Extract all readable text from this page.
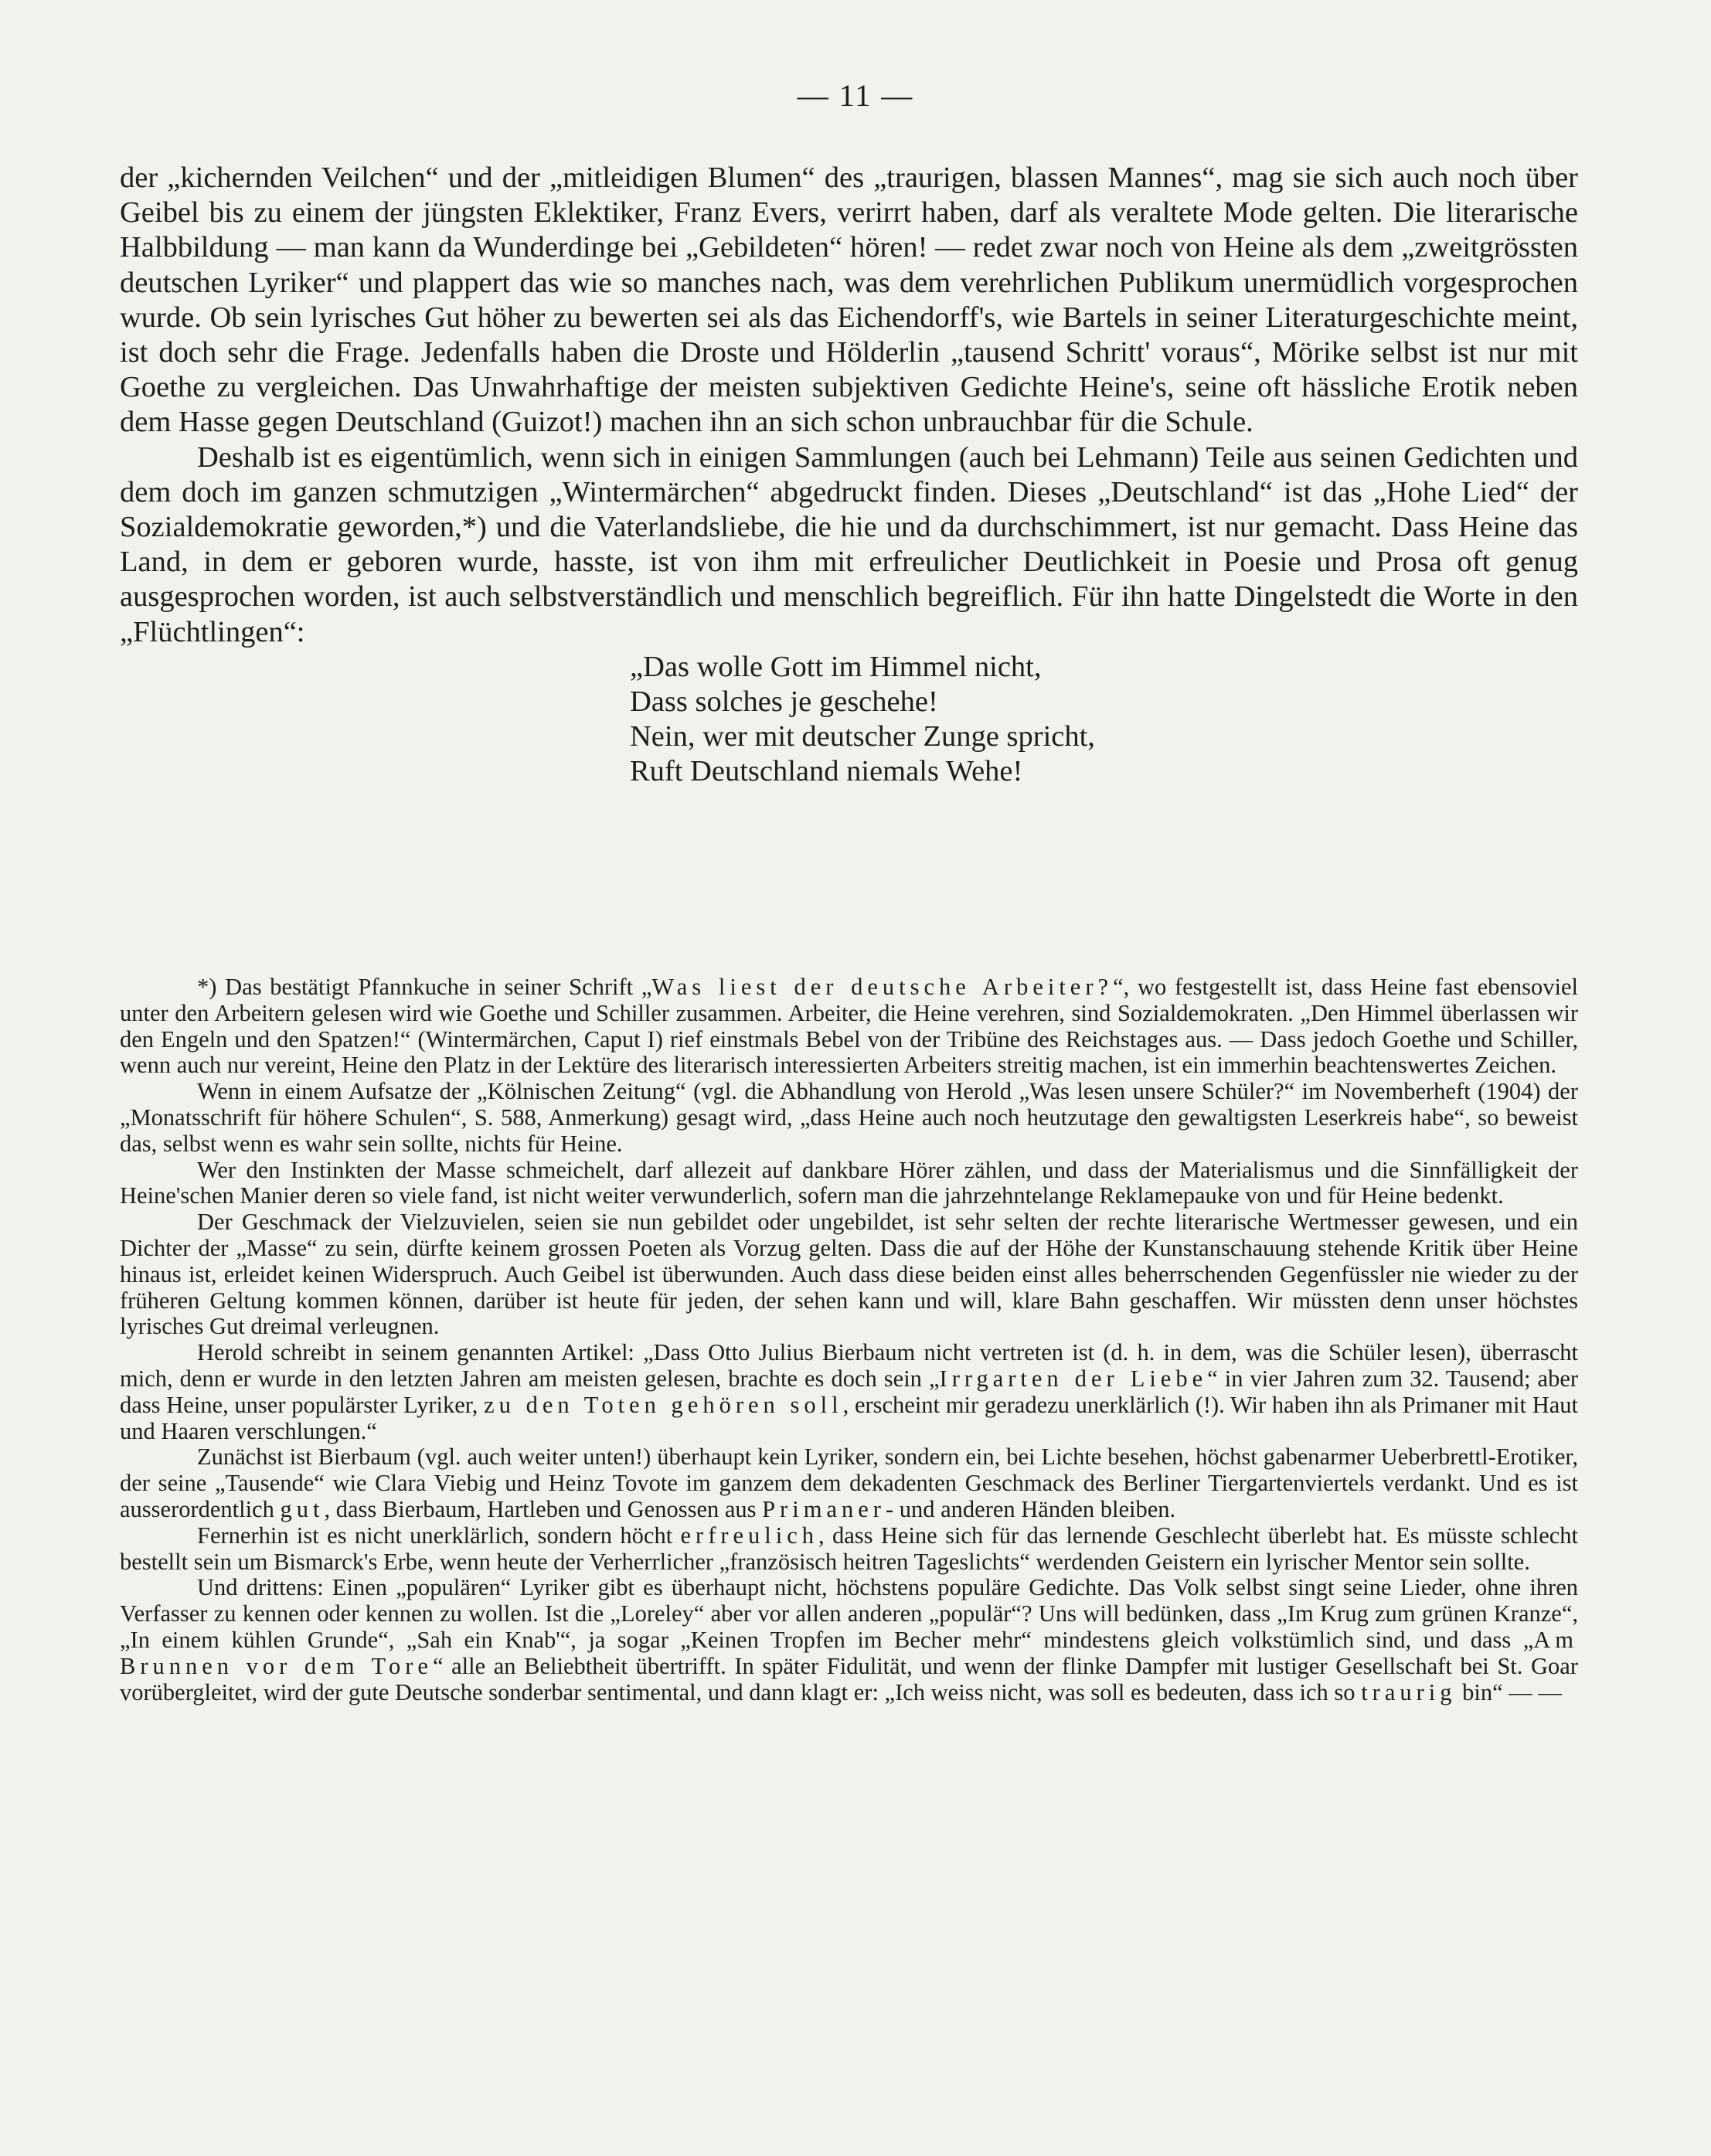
— 11 —

der „kichernden Veilchen“ und der „mitleidigen Blumen“ des „traurigen, blassen Mannes“, mag sie sich auch noch über Geibel bis zu einem der jüngsten Eklektiker, Franz Evers, verirrt haben, darf als veraltete Mode gelten. Die literarische Halbbildung — man kann da Wunderdinge bei „Gebildeten“ hören! — redet zwar noch von Heine als dem „zweitgrössten deutschen Lyriker“ und plappert das wie so manches nach, was dem verehrlichen Publikum unermüdlich vorgesprochen wurde. Ob sein lyrisches Gut höher zu bewerten sei als das Eichendorff's, wie Bartels in seiner Literaturgeschichte meint, ist doch sehr die Frage. Jedenfalls haben die Droste und Hölderlin „tausend Schritt' voraus“, Mörike selbst ist nur mit Goethe zu vergleichen. Das Unwahrhaftige der meisten subjektiven Gedichte Heine's, seine oft hässliche Erotik neben dem Hasse gegen Deutschland (Guizot!) machen ihn an sich schon unbrauchbar für die Schule.

Deshalb ist es eigentümlich, wenn sich in einigen Sammlungen (auch bei Lehmann) Teile aus seinen Gedichten und dem doch im ganzen schmutzigen „Wintermärchen“ abgedruckt finden. Dieses „Deutschland“ ist das „Hohe Lied“ der Sozialdemokratie geworden,*) und die Vaterlandsliebe, die hie und da durchschimmert, ist nur gemacht. Dass Heine das Land, in dem er geboren wurde, hasste, ist von ihm mit erfreulicher Deutlichkeit in Poesie und Prosa oft genug ausgesprochen worden, ist auch selbstverständlich und menschlich begreiflich. Für ihn hatte Dingelstedt die Worte in den „Flüchtlingen“:

„Das wolle Gott im Himmel nicht,
Dass solches je geschehe!
Nein, wer mit deutscher Zunge spricht,
Ruft Deutschland niemals Wehe!

*) Das bestätigt Pfannkuche in seiner Schrift „Was liest der deutsche Arbeiter?“, wo festgestellt ist, dass Heine fast ebensoviel unter den Arbeitern gelesen wird wie Goethe und Schiller zusammen. Arbeiter, die Heine verehren, sind Sozialdemokraten. „Den Himmel überlassen wir den Engeln und den Spatzen!“ (Wintermärchen, Caput I) rief einstmals Bebel von der Tribüne des Reichstages aus. — Dass jedoch Goethe und Schiller, wenn auch nur vereint, Heine den Platz in der Lektüre des literarisch interessierten Arbeiters streitig machen, ist ein immerhin beachtenswertes Zeichen.

Wenn in einem Aufsatze der „Kölnischen Zeitung“ (vgl. die Abhandlung von Herold „Was lesen unsere Schüler?“ im Novemberheft (1904) der „Monatsschrift für höhere Schulen“, S. 588, Anmerkung) gesagt wird, „dass Heine auch noch heutzutage den gewaltigsten Leserkreis habe“, so beweist das, selbst wenn es wahr sein sollte, nichts für Heine.

Wer den Instinkten der Masse schmeichelt, darf allezeit auf dankbare Hörer zählen, und dass der Materialismus und die Sinnfälligkeit der Heine'schen Manier deren so viele fand, ist nicht weiter verwunderlich, sofern man die jahrzehntelange Reklamepauke von und für Heine bedenkt.

Der Geschmack der Vielzuvielen, seien sie nun gebildet oder ungebildet, ist sehr selten der rechte literarische Wertmesser gewesen, und ein Dichter der „Masse“ zu sein, dürfte keinem grossen Poeten als Vorzug gelten. Dass die auf der Höhe der Kunstanschauung stehende Kritik über Heine hinaus ist, erleidet keinen Widerspruch. Auch Geibel ist überwunden. Auch dass diese beiden einst alles beherrschenden Gegenfüssler nie wieder zu der früheren Geltung kommen können, darüber ist heute für jeden, der sehen kann und will, klare Bahn geschaffen. Wir müssten denn unser höchstes lyrisches Gut dreimal verleugnen.

Herold schreibt in seinem genannten Artikel: „Dass Otto Julius Bierbaum nicht vertreten ist (d. h. in dem, was die Schüler lesen), überrascht mich, denn er wurde in den letzten Jahren am meisten gelesen, brachte es doch sein „Irrgarten der Liebe“ in vier Jahren zum 32. Tausend; aber dass Heine, unser populärster Lyriker, zu den Toten gehören soll, erscheint mir geradezu unerklärlich (!). Wir haben ihn als Primaner mit Haut und Haaren verschlungen.“

Zunächst ist Bierbaum (vgl. auch weiter unten!) überhaupt kein Lyriker, sondern ein, bei Lichte besehen, höchst gabenarmer Ueberbrettl-Erotiker, der seine „Tausende“ wie Clara Viebig und Heinz Tovote im ganzem dem dekadenten Geschmack des Berliner Tiergartenviertels verdankt. Und es ist ausserordentlich gut, dass Bierbaum, Hartleben und Genossen aus Primaner- und anderen Händen bleiben.

Fernerhin ist es nicht unerklärlich, sondern höcht erfreulich, dass Heine sich für das lernende Geschlecht überlebt hat. Es müsste schlecht bestellt sein um Bismarck's Erbe, wenn heute der Verherrlicher „französisch heitren Tageslichts“ werdenden Geistern ein lyrischer Mentor sein sollte.

Und drittens: Einen „populären“ Lyriker gibt es überhaupt nicht, höchstens populäre Gedichte. Das Volk selbst singt seine Lieder, ohne ihren Verfasser zu kennen oder kennen zu wollen. Ist die „Loreley“ aber vor allen anderen „populär“? Uns will bedünken, dass „Im Krug zum grünen Kranze“, „In einem kühlen Grunde“, „Sah ein Knab'“, ja sogar „Keinen Tropfen im Becher mehr“ mindestens gleich volkstümlich sind, und dass „Am Brunnen vor dem Tore“ alle an Beliebtheit übertrifft. In später Fidulität, und wenn der flinke Dampfer mit lustiger Gesellschaft bei St. Goar vorübergleitet, wird der gute Deutsche sonderbar sentimental, und dann klagt er: „Ich weiss nicht, was soll es bedeuten, dass ich so traurig bin“ — —
